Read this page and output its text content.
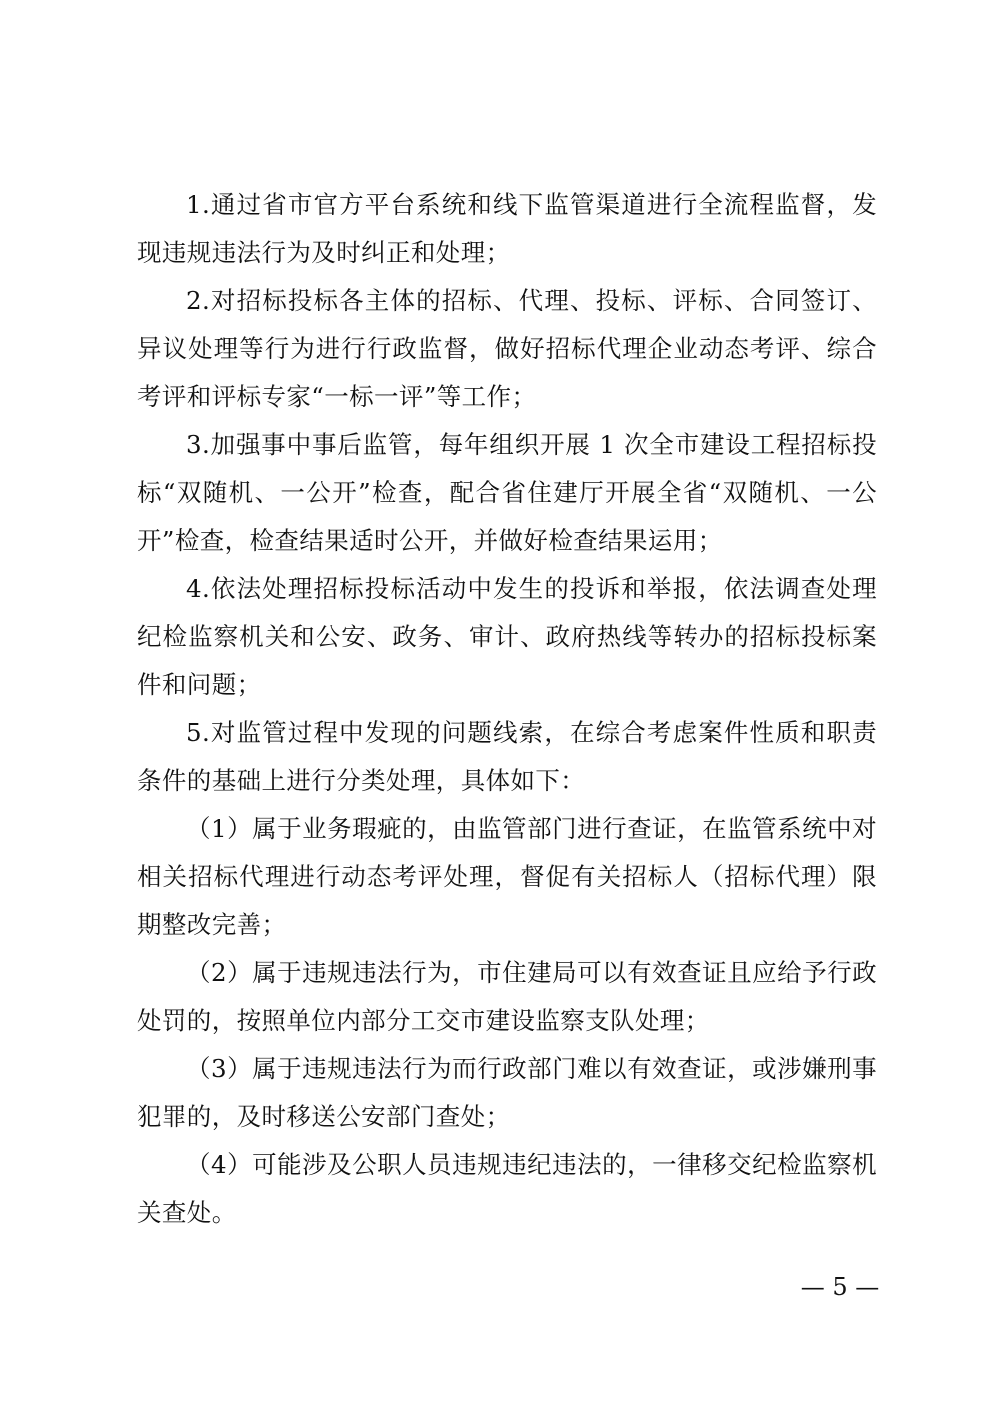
1.通过省市官方平台系统和线下监管渠道进行全流程监督，发现违规违法行为及时纠正和处理；

2.对招标投标各主体的招标、代理、投标、评标、合同签订、异议处理等行为进行行政监督，做好招标代理企业动态考评、综合考评和评标专家“一标一评”等工作；

3.加强事中事后监管，每年组织开展 1 次全市建设工程招标投标“双随机、一公开”检查，配合省住建厅开展全省“双随机、一公开”检查，检查结果适时公开，并做好检查结果运用；

4.依法处理招标投标活动中发生的投诉和举报，依法调查处理纪检监察机关和公安、政务、审计、政府热线等转办的招标投标案件和问题；

5.对监管过程中发现的问题线索，在综合考虑案件性质和职责条件的基础上进行分类处理，具体如下：

（1）属于业务瑕疵的，由监管部门进行查证，在监管系统中对相关招标代理进行动态考评处理，督促有关招标人（招标代理）限期整改完善；

（2）属于违规违法行为，市住建局可以有效查证且应给予行政处罚的，按照单位内部分工交市建设监察支队处理；

（3）属于违规违法行为而行政部门难以有效查证，或涉嫌刑事犯罪的，及时移送公安部门查处；

（4）可能涉及公职人员违规违纪违法的，一律移交纪检监察机关查处。

— 5 —
